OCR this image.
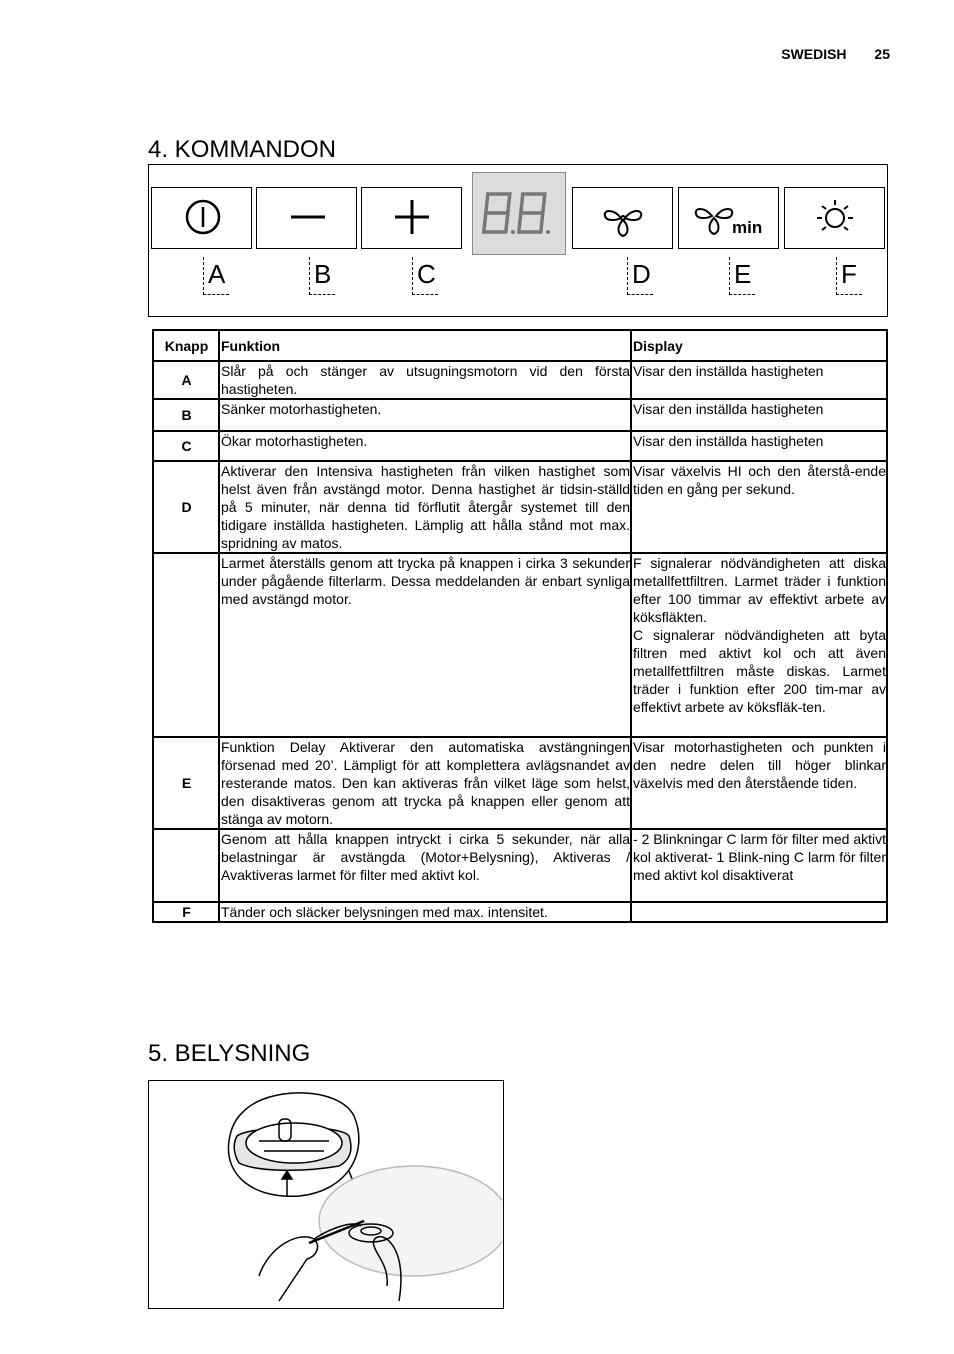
SWEDISH 25
4. KOMMANDON
min
A	B	C	D	E	F
Knapp	Funktion	Display
A	Slår på och stänger av utsugningsmotorn vid den första hastigheten.	Visar den inställda hastigheten
B	Sänker motorhastigheten.	Visar den inställda hastigheten
C	Ökar motorhastigheten.	Visar den inställda hastigheten
D	Aktiverar den Intensiva hastigheten från vilken hastighet som helst även från avstängd motor. Denna hastighet är tidsin-ställd på 5 minuter, när denna tid förflutit återgår systemet till den tidigare inställda hastigheten. Lämplig att hålla stånd mot max. spridning av matos.	Visar växelvis HI och den återstå-ende tiden en gång per sekund.
	Larmet återställs genom att trycka på knappen i cirka 3 sekunder under pågående filterlarm. Dessa meddelanden är enbart synliga med avstängd motor.	F signalerar nödvändigheten att diska metallfettfiltren. Larmet träder i funktion efter 100 timmar av effektivt arbete av köksfläkten.
C signalerar nödvändigheten att byta filtren med aktivt kol och att även metallfettfiltren måste diskas. Larmet träder i funktion efter 200 tim-mar av effektivt arbete av köksfläk-ten.
E	Funktion Delay Aktiverar den automatiska avstängningen försenad med 20’. Lämpligt för att komplettera avlägsnandet av resterande matos. Den kan aktiveras från vilket läge som helst, den disaktiveras genom att trycka på knappen eller genom att stänga av motorn.	Visar motorhastigheten och punkten i den nedre delen till höger blinkar växelvis med den återstående tiden.
	Genom att hålla knappen intryckt i cirka 5 sekunder, när alla belastningar är avstängda (Motor+Belysning), Aktiveras / Avaktiveras larmet för filter med aktivt kol.	- 2 Blinkningar C larm för filter med aktivt kol aktiverat- 1 Blink-ning C larm för filter med aktivt kol disaktiverat
F	Tänder och släcker belysningen med max. intensitet.	
5. BELYSNING
